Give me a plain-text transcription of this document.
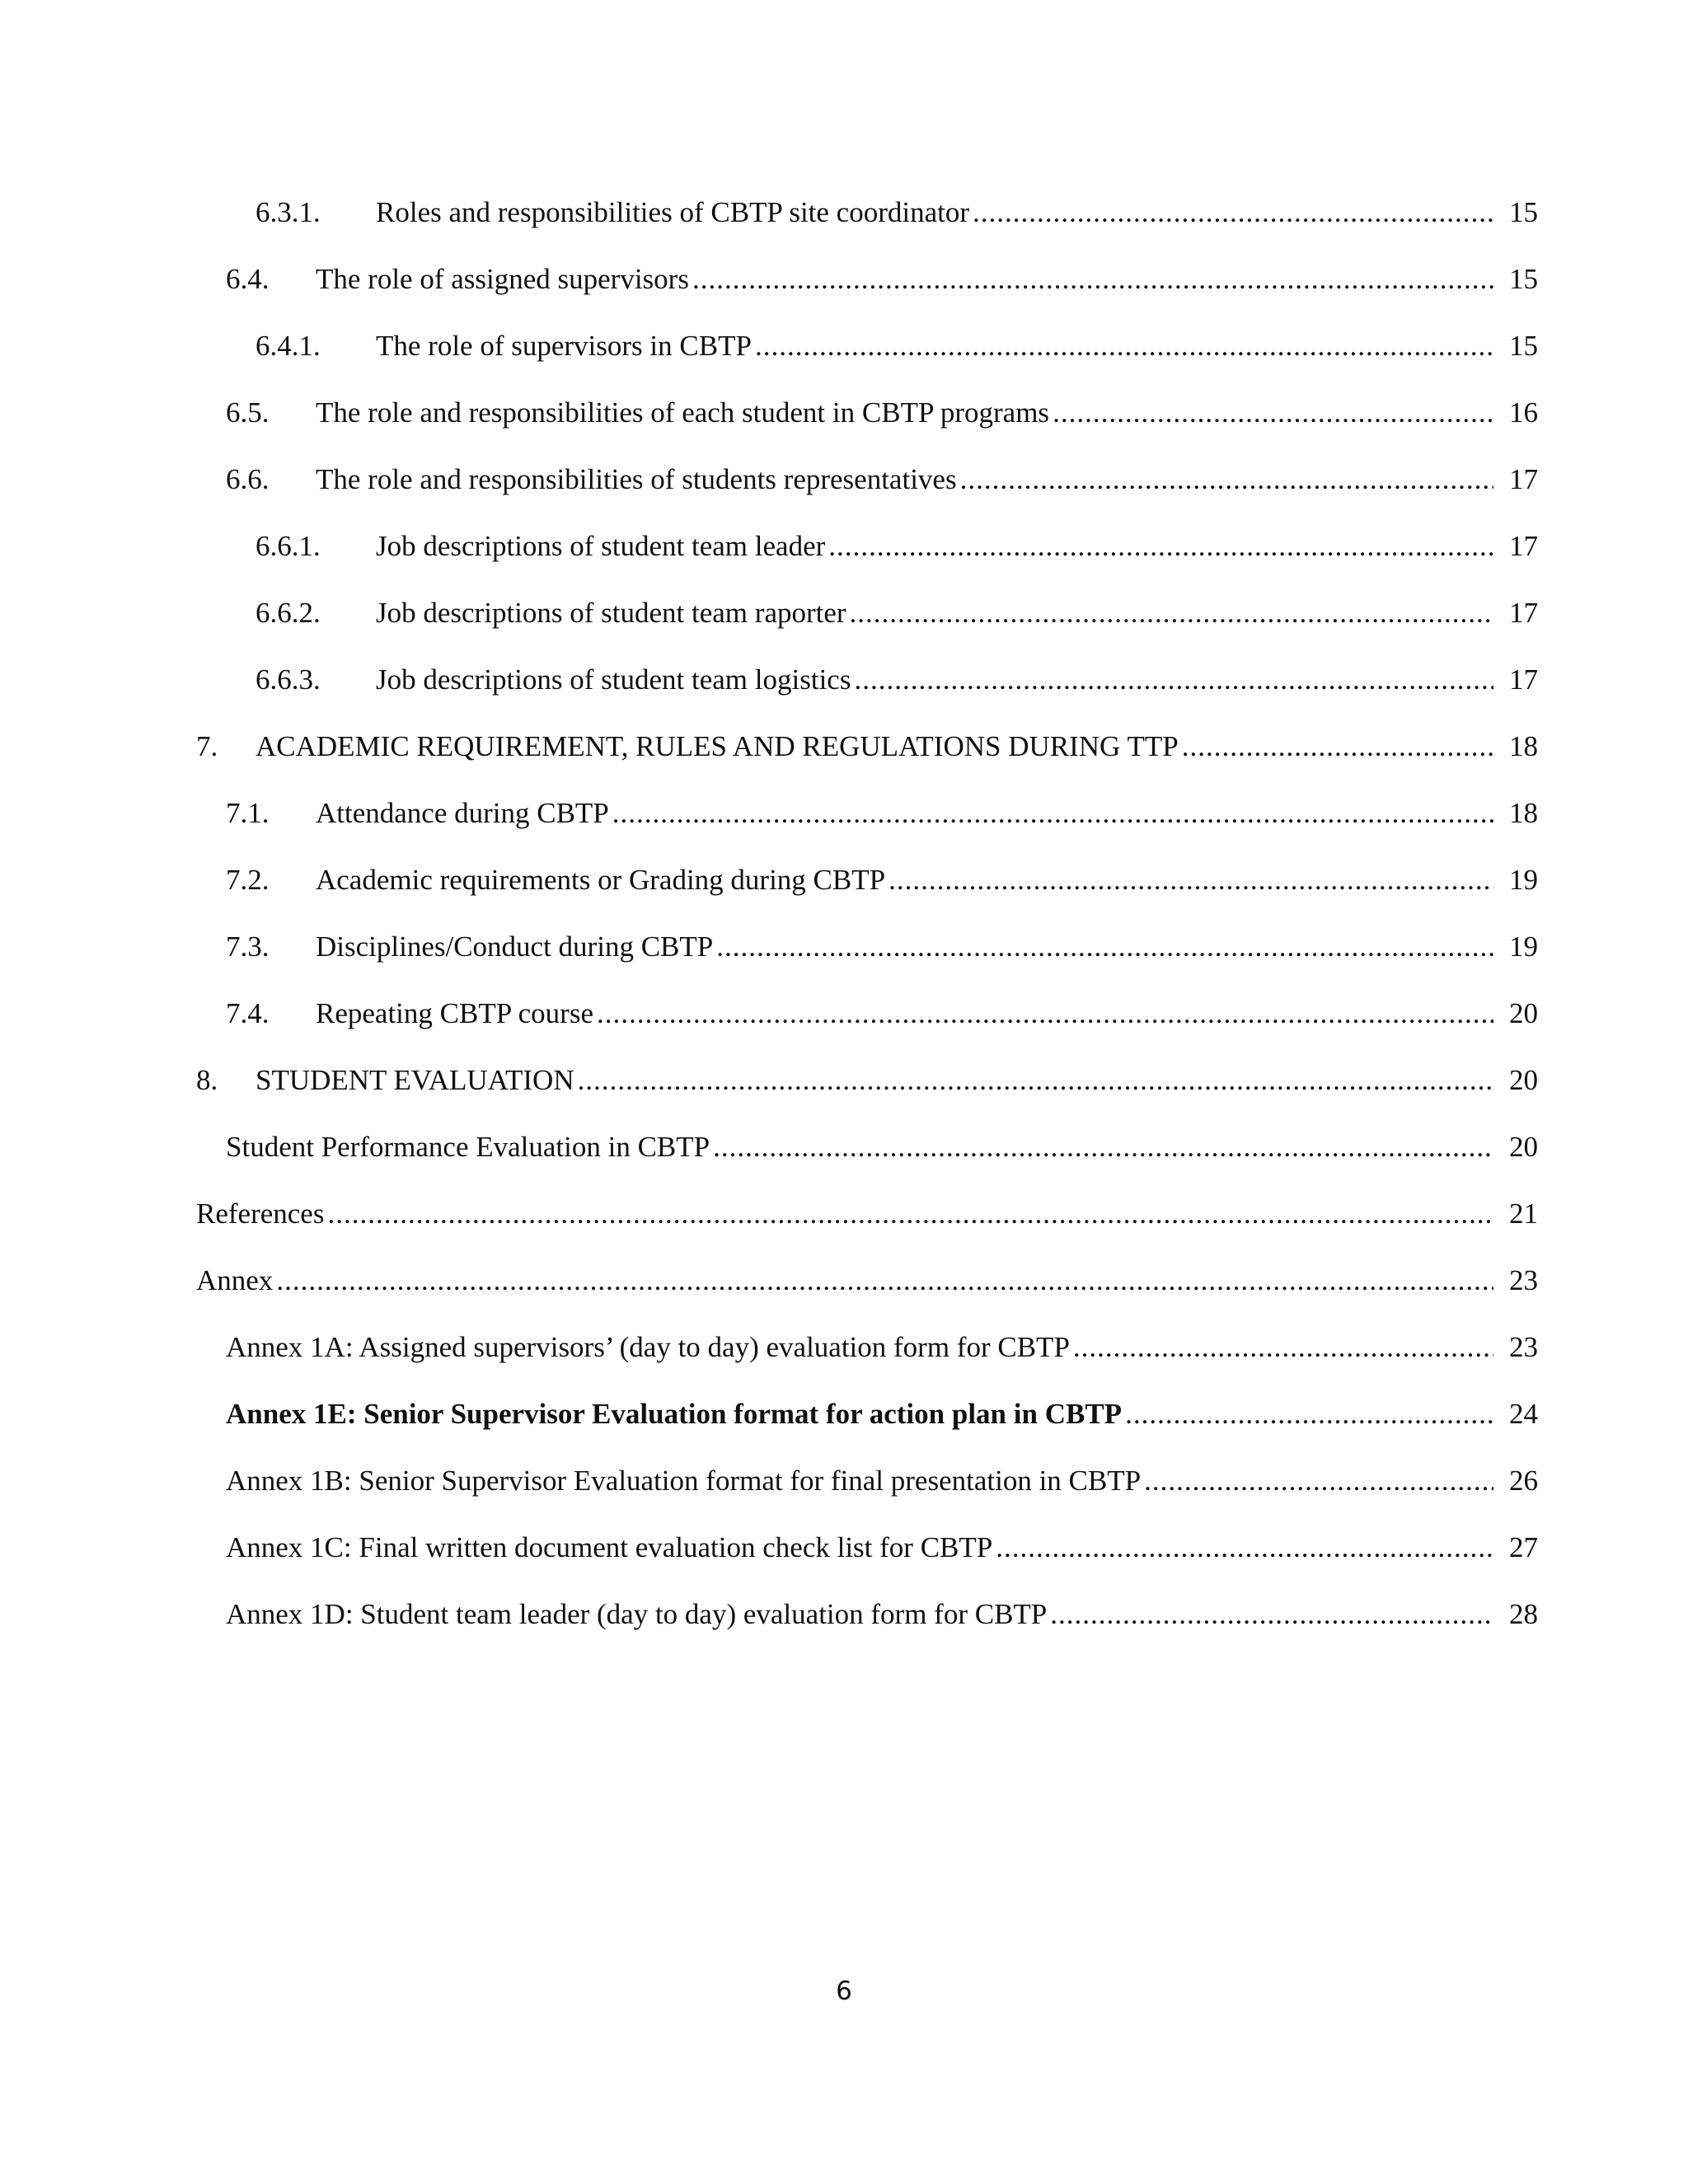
6.3.1. Roles and responsibilities of CBTP site coordinator .....	15
6.4. The role of assigned supervisors .....	15
6.4.1. The role of supervisors in CBTP .....	15
6.5. The role and responsibilities of each student in CBTP programs .....	16
6.6. The role and responsibilities of students representatives .....	17
6.6.1. Job descriptions of student team leader .....	17
6.6.2. Job descriptions of student team raporter .....	17
6.6.3. Job descriptions of student team logistics .....	17
7. ACADEMIC REQUIREMENT, RULES AND REGULATIONS DURING TTP .....	18
7.1. Attendance during CBTP .....	18
7.2. Academic requirements or Grading during CBTP .....	19
7.3. Disciplines/Conduct during CBTP .....	19
7.4. Repeating CBTP course .....	20
8. STUDENT EVALUATION .....	20
Student Performance Evaluation in CBTP .....	20
References .....	21
Annex .....	23
Annex 1A: Assigned supervisors’ (day to day) evaluation form for CBTP .....	23
Annex 1E: Senior Supervisor Evaluation format for action plan in CBTP .....	24
Annex 1B: Senior Supervisor Evaluation format for final presentation in CBTP .....	26
Annex 1C: Final written document evaluation check list for CBTP .....	27
Annex 1D: Student team leader (day to day) evaluation form for CBTP .....	28
6
